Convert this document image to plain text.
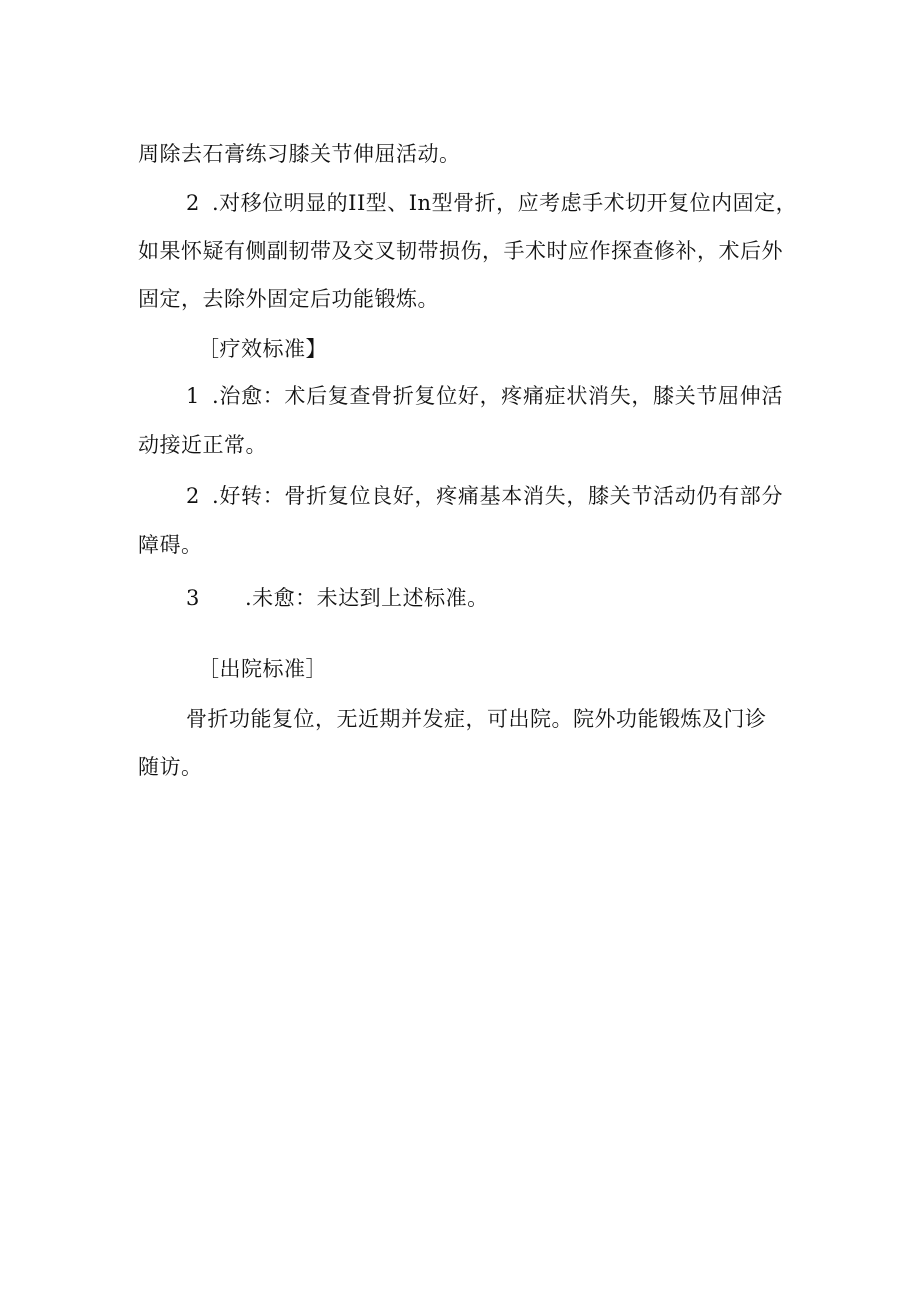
周除去石膏练习膝关节伸屈活动。
2 .对移位明显的II型、In型骨折，应考虑手术切开复位内固定，
如果怀疑有侧副韧带及交叉韧带损伤，手术时应作探查修补，术后外
固定，去除外固定后功能锻炼。
［疗效标准】
1 .治愈：术后复查骨折复位好，疼痛症状消失，膝关节屈伸活
动接近正常。
2 .好转：骨折复位良好，疼痛基本消失，膝关节活动仍有部分
障碍。
3 .未愈：未达到上述标准。
［出院标准］
骨折功能复位，无近期并发症，可出院。院外功能锻炼及门诊
随访。
